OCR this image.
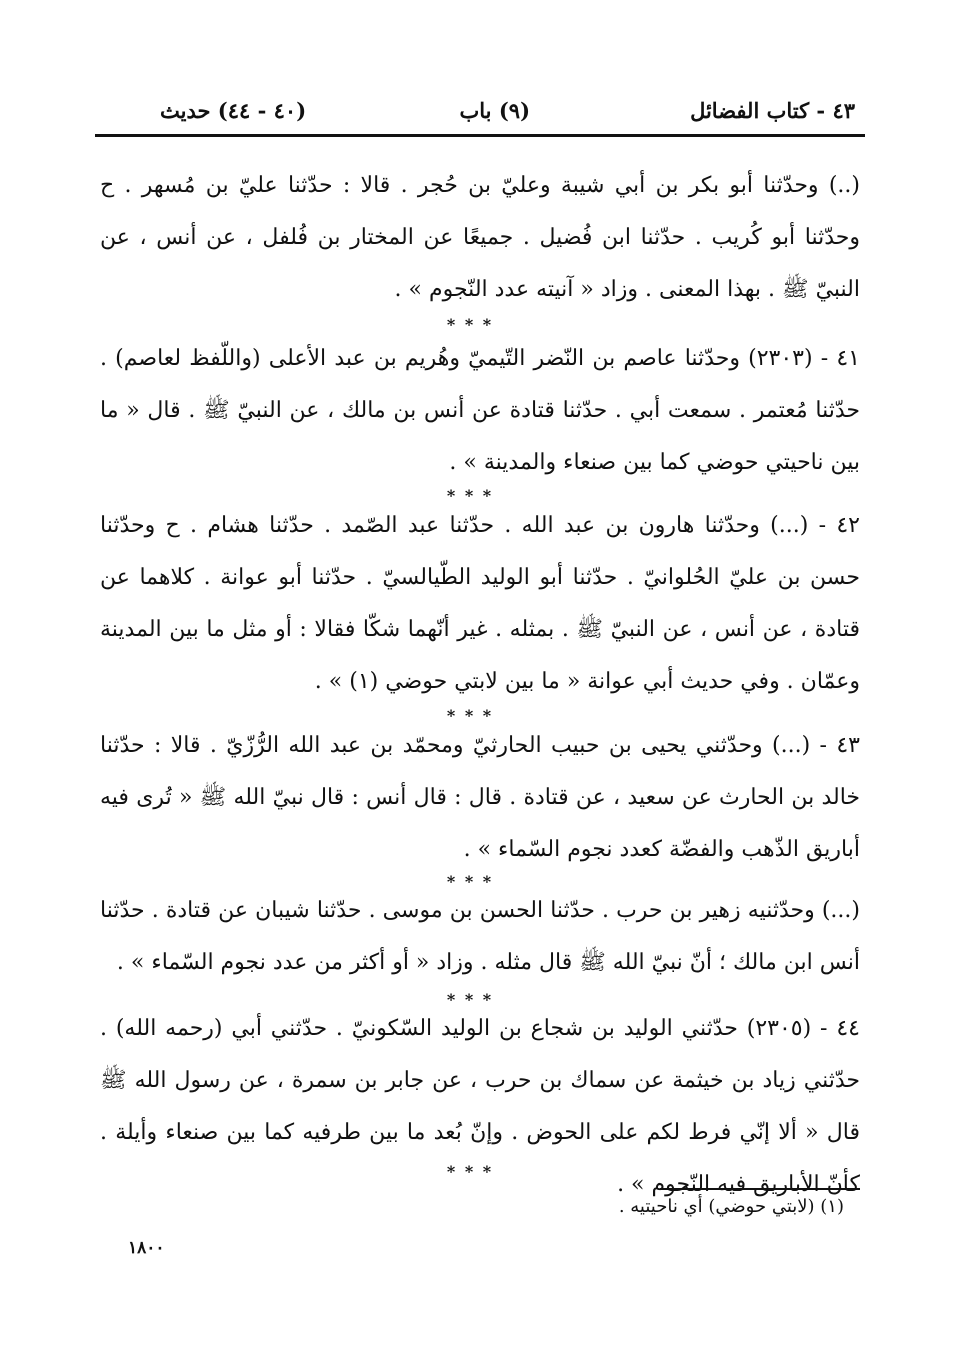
٤٣ - كتاب الفضائل
(٩) باب
(٤٠ - ٤٤) حديث
(..) وحدّثنا أبو بكر بن أبي شيبة وعليّ بن حُجر . قالا : حدّثنا عليّ بن مُسهر . ح وحدّثنا أبو كُريب . حدّثنا ابن فُضيل . جميعًا عن المختار بن فُلفل ، عن أنس ، عن النبيّ ﷺ . بهذا المعنى . وزاد « آنيته عدد النّجوم » .
* * *
٤١ - (٢٣٠٣) وحدّثنا عاصم بن النّضر التّيميّ وهُريم بن عبد الأعلى (واللّفظ لعاصم) . حدّثنا مُعتمر . سمعت أبي . حدّثنا قتادة عن أنس بن مالك ، عن النبيّ ﷺ . قال « ما بين ناحيتي حوضي كما بين صنعاء والمدينة » .
* * *
٤٢ - (...) وحدّثنا هارون بن عبد الله . حدّثنا عبد الصّمد . حدّثنا هشام . ح وحدّثنا حسن بن عليّ الحُلوانيّ . حدّثنا أبو الوليد الطّيالسيّ . حدّثنا أبو عوانة . كلاهما عن قتادة ، عن أنس ، عن النبيّ ﷺ . بمثله . غير أنّهما شكّا فقالا : أو مثل ما بين المدينة وعمّان . وفي حديث أبي عوانة « ما بين لابتي حوضي (١) » .
* * *
٤٣ - (...) وحدّثني يحيى بن حبيب الحارثيّ ومحمّد بن عبد الله الرُّزّيّ . قالا : حدّثنا خالد بن الحارث عن سعيد ، عن قتادة . قال : قال أنس : قال نبيّ الله ﷺ « تُرى فيه أباريق الذّهب والفضّة كعدد نجوم السّماء » .
* * *
(...) وحدّثنيه زهير بن حرب . حدّثنا الحسن بن موسى . حدّثنا شيبان عن قتادة . حدّثنا أنس ابن مالك ؛ أنّ نبيّ الله ﷺ قال مثله . وزاد « أو أكثر من عدد نجوم السّماء » .
* * *
٤٤ - (٢٣٠٥) حدّثني الوليد بن شجاع بن الوليد السّكونيّ . حدّثني أبي (رحمه الله) . حدّثني زياد بن خيثمة عن سماك بن حرب ، عن جابر بن سمرة ، عن رسول الله ﷺ قال « ألا إنّي فرط لكم على الحوض . وإنّ بُعد ما بين طرفيه كما بين صنعاء وأيلة . كأنّ الأباريق فيه النّجوم » .
* * *
(١) (لابتي حوضي) أي ناحيتيه .
١٨٠٠
